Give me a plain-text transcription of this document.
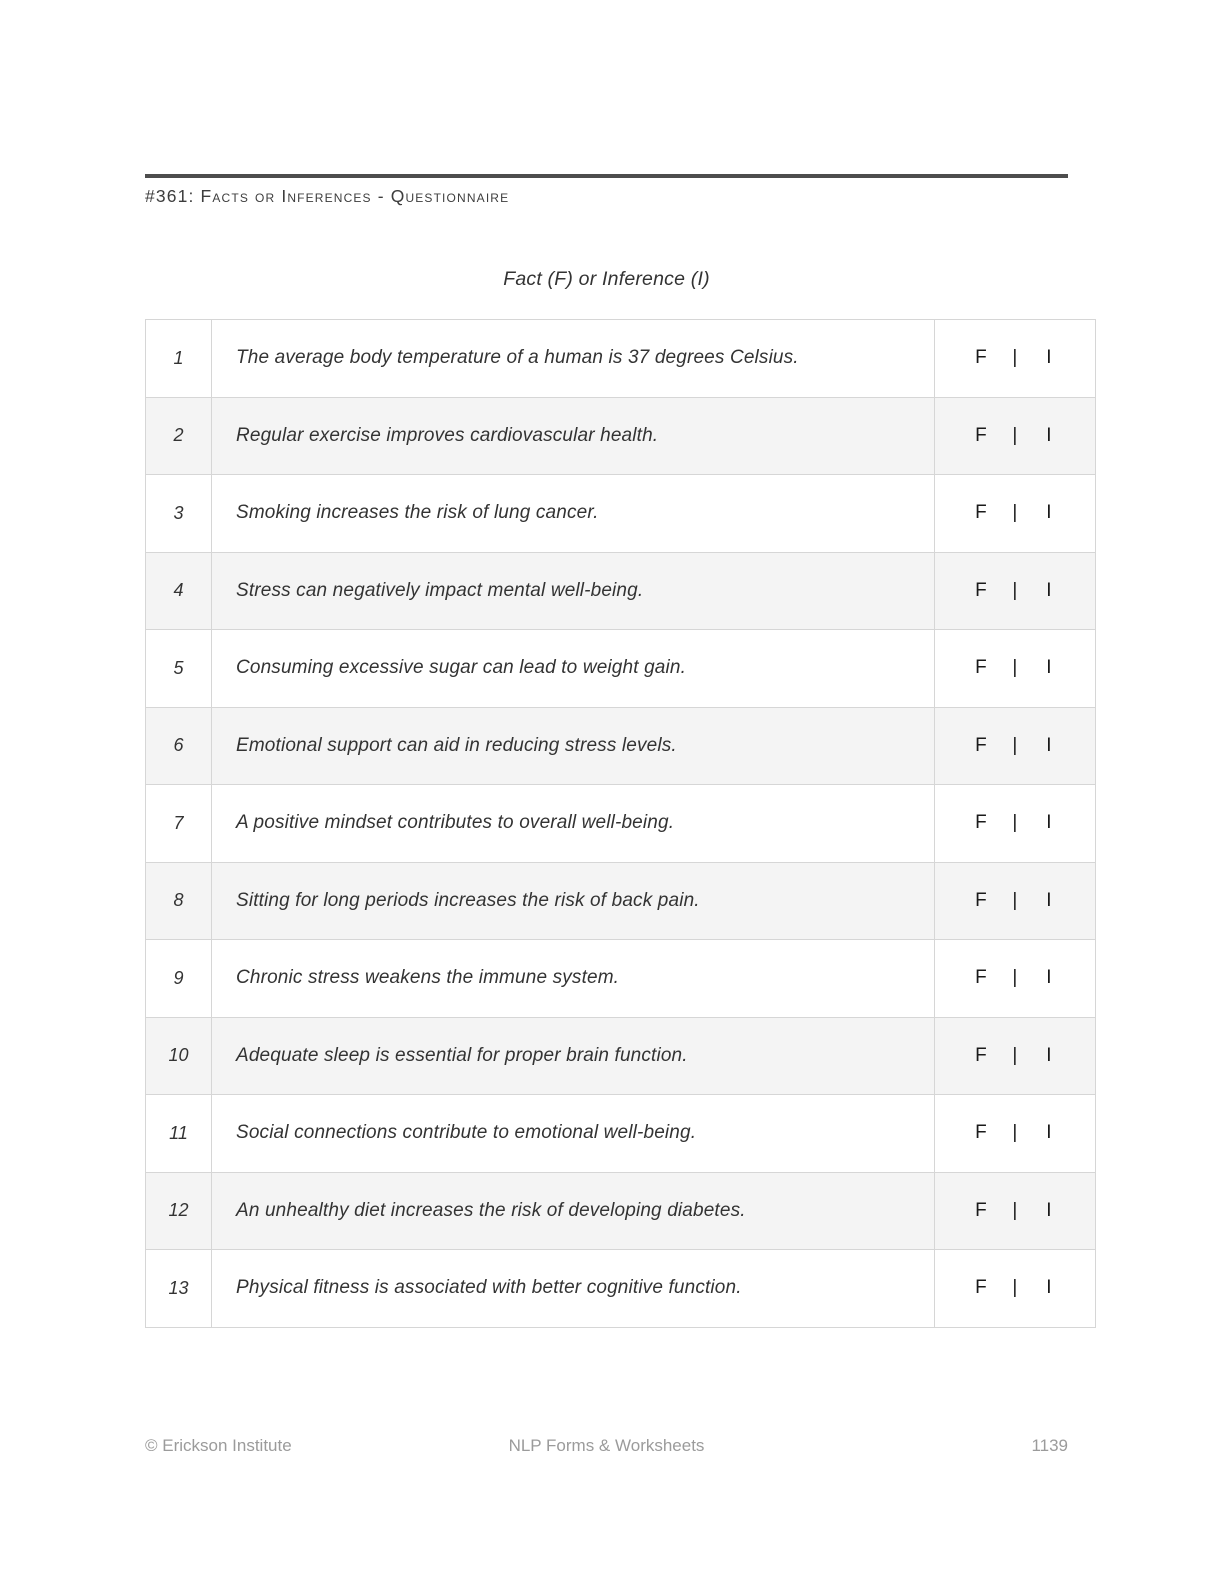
#361: Facts or Inferences - Questionnaire
Fact (F) or Inference (I)
1	The average body temperature of a human is 37 degrees Celsius.	F | I

2	Regular exercise improves cardiovascular health.	F | I

3	Smoking increases the risk of lung cancer.	F | I

4	Stress can negatively impact mental well-being.	F | I

5	Consuming excessive sugar can lead to weight gain.	F | I

6	Emotional support can aid in reducing stress levels.	F | I

7	A positive mindset contributes to overall well-being.	F | I

8	Sitting for long periods increases the risk of back pain.	F | I

9	Chronic stress weakens the immune system.	F | I

10	Adequate sleep is essential for proper brain function.	F | I

11	Social connections contribute to emotional well-being.	F | I

12	An unhealthy diet increases the risk of developing diabetes.	F | I

13	Physical fitness is associated with better cognitive function.	F | I
© Erickson Institute	NLP Forms & Worksheets	1139
